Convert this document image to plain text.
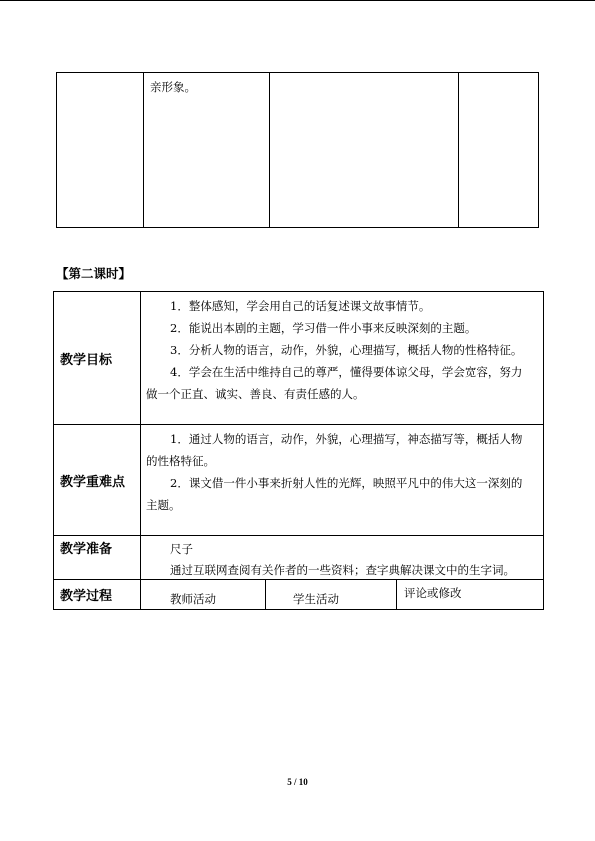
亲形象。
【第二课时】
教学目标
1．整体感知，学会用自己的话复述课文故事情节。
2．能说出本剧的主题，学习借一件小事来反映深刻的主题。
3．分析人物的语言，动作，外貌，心理描写，概括人物的性格特征。
4．学会在生活中维持自己的尊严，懂得要体谅父母，学会宽容，努力
做一个正直、诚实、善良、有责任感的人。
教学重难点
1．通过人物的语言，动作，外貌，心理描写，神态描写等，概括人物
的性格特征。
2．课文借一件小事来折射人性的光辉，映照平凡中的伟大这一深刻的
主题。
教学准备	尺子
通过互联网查阅有关作者的一些资料；查字典解决课文中的生字词。
教学过程	教师活动	学生活动	评论或修改
5 / 10
